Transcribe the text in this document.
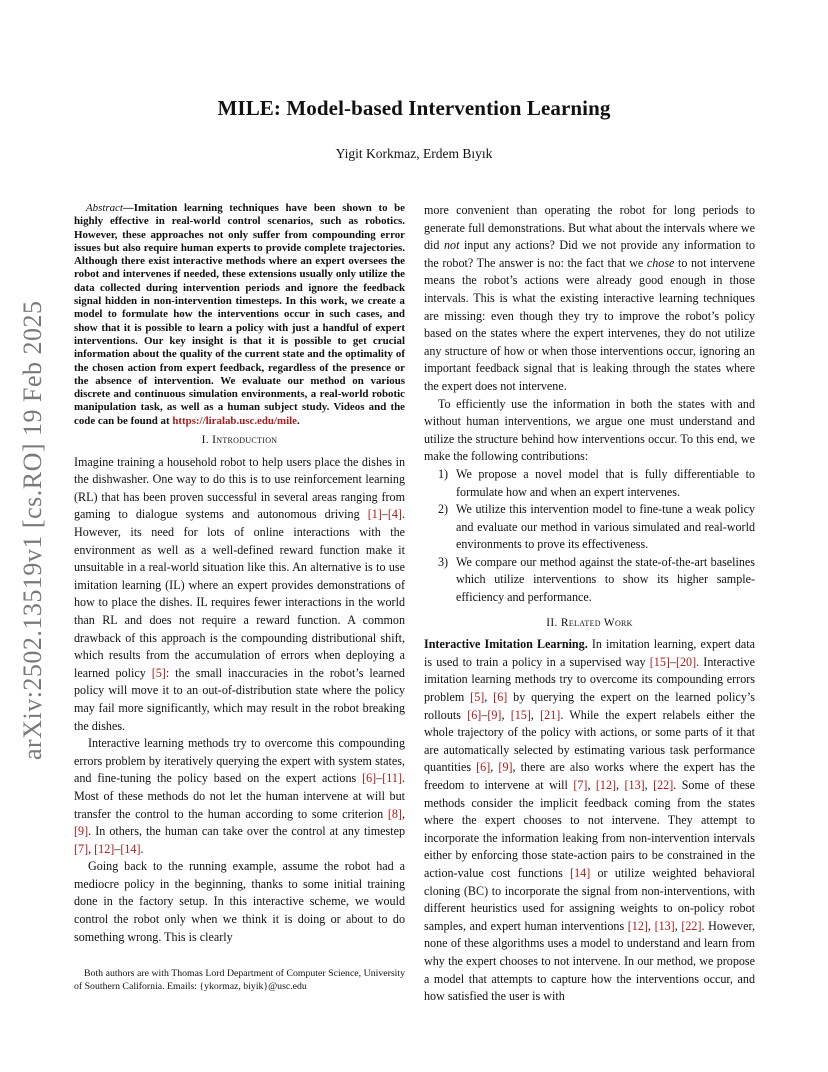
arXiv:2502.13519v1 [cs.RO] 19 Feb 2025
MILE: Model-based Intervention Learning
Yigit Korkmaz, Erdem Bıyık

Abstract—Imitation learning techniques have been shown to be highly effective in real-world control scenarios, such as robotics. However, these approaches not only suffer from compounding error issues but also require human experts to provide complete trajectories. Although there exist interactive methods where an expert oversees the robot and intervenes if needed, these extensions usually only utilize the data collected during intervention periods and ignore the feedback signal hidden in non-intervention timesteps. In this work, we create a model to formulate how the interventions occur in such cases, and show that it is possible to learn a policy with just a handful of expert interventions. Our key insight is that it is possible to get crucial information about the quality of the current state and the optimality of the chosen action from expert feedback, regardless of the presence or the absence of intervention. We evaluate our method on various discrete and continuous simulation environments, a real-world robotic manipulation task, as well as a human subject study. Videos and the code can be found at https://liralab.usc.edu/mile.

I. Introduction

Imagine training a household robot to help users place the dishes in the dishwasher. One way to do this is to use reinforcement learning (RL) that has been proven successful in several areas ranging from gaming to dialogue systems and autonomous driving [1]–[4]. However, its need for lots of online interactions with the environment as well as a well-defined reward function make it unsuitable in a real-world situation like this. An alternative is to use imitation learning (IL) where an expert provides demonstrations of how to place the dishes. IL requires fewer interactions in the world than RL and does not require a reward function. A common drawback of this approach is the compounding distributional shift, which results from the accumulation of errors when deploying a learned policy [5]: the small inaccuracies in the robot’s learned policy will move it to an out-of-distribution state where the policy may fail more significantly, which may result in the robot breaking the dishes.

Interactive learning methods try to overcome this compounding errors problem by iteratively querying the expert with system states, and fine-tuning the policy based on the expert actions [6]–[11]. Most of these methods do not let the human intervene at will but transfer the control to the human according to some criterion [8], [9]. In others, the human can take over the control at any timestep [7], [12]–[14].

Going back to the running example, assume the robot had a mediocre policy in the beginning, thanks to some initial training done in the factory setup. In this interactive scheme, we would control the robot only when we think it is doing or about to do something wrong. This is clearly

Both authors are with Thomas Lord Department of Computer Science, University of Southern California. Emails: {ykormaz, biyik}@usc.edu

more convenient than operating the robot for long periods to generate full demonstrations. But what about the intervals where we did not input any actions? Did we not provide any information to the robot? The answer is no: the fact that we chose to not intervene means the robot’s actions were already good enough in those intervals. This is what the existing interactive learning techniques are missing: even though they try to improve the robot’s policy based on the states where the expert intervenes, they do not utilize any structure of how or when those interventions occur, ignoring an important feedback signal that is leaking through the states where the expert does not intervene.

To efficiently use the information in both the states with and without human interventions, we argue one must understand and utilize the structure behind how interventions occur. To this end, we make the following contributions:

1) We propose a novel model that is fully differentiable to formulate how and when an expert intervenes.
2) We utilize this intervention model to fine-tune a weak policy and evaluate our method in various simulated and real-world environments to prove its effectiveness.
3) We compare our method against the state-of-the-art baselines which utilize interventions to show its higher sample-efficiency and performance.
II. Related Work

Interactive Imitation Learning. In imitation learning, expert data is used to train a policy in a supervised way [15]–[20]. Interactive imitation learning methods try to overcome its compounding errors problem [5], [6] by querying the expert on the learned policy’s rollouts [6]–[9], [15], [21]. While the expert relabels either the whole trajectory of the policy with actions, or some parts of it that are automatically selected by estimating various task performance quantities [6], [9], there are also works where the expert has the freedom to intervene at will [7], [12], [13], [22]. Some of these methods consider the implicit feedback coming from the states where the expert chooses to not intervene. They attempt to incorporate the information leaking from non-intervention intervals either by enforcing those state-action pairs to be constrained in the action-value cost functions [14] or utilize weighted behavioral cloning (BC) to incorporate the signal from non-interventions, with different heuristics used for assigning weights to on-policy robot samples, and expert human interventions [12], [13], [22]. However, none of these algorithms uses a model to understand and learn from why the expert chooses to not intervene. In our method, we propose a model that attempts to capture how the interventions occur, and how satisfied the user is with
